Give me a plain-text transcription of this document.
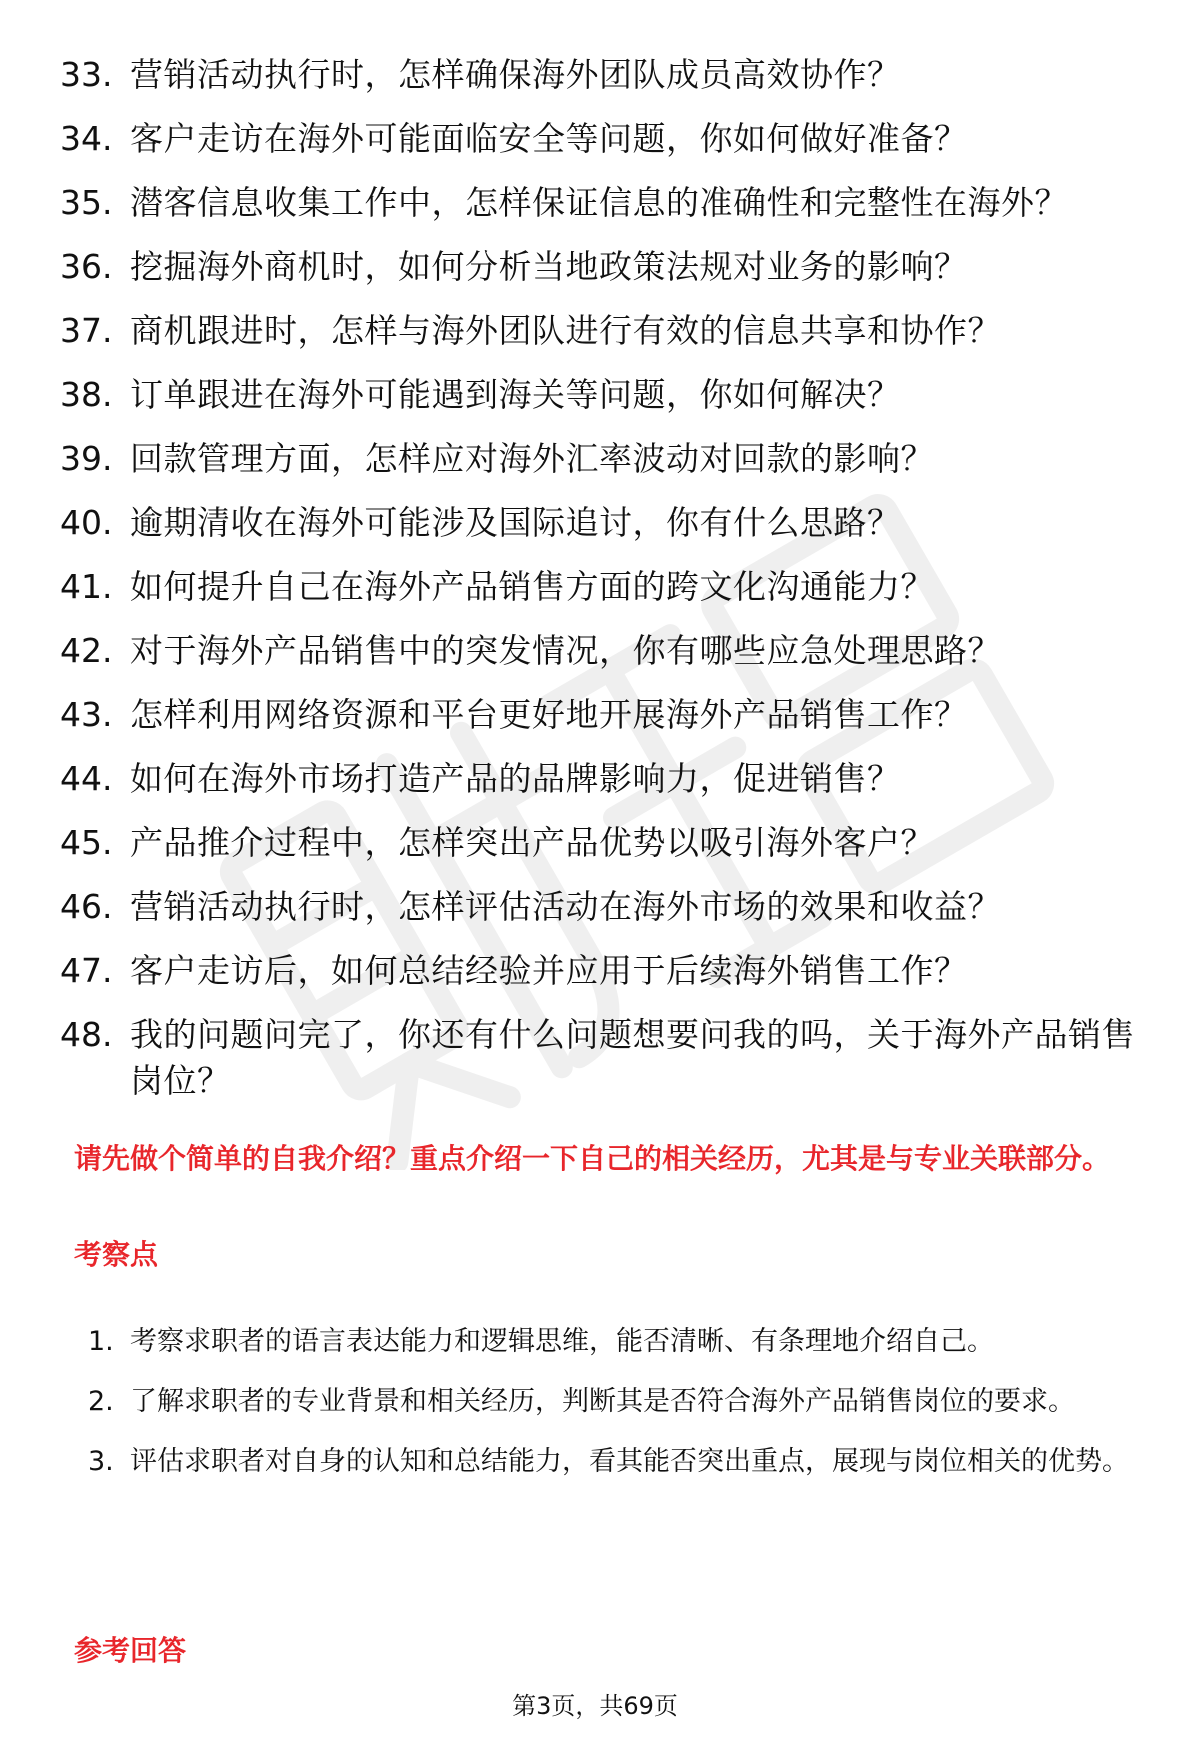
33. 营销活动执行时，怎样确保海外团队成员高效协作？
34. 客户走访在海外可能面临安全等问题，你如何做好准备？
35. 潜客信息收集工作中，怎样保证信息的准确性和完整性在海外？
36. 挖掘海外商机时，如何分析当地政策法规对业务的影响？
37. 商机跟进时，怎样与海外团队进行有效的信息共享和协作？
38. 订单跟进在海外可能遇到海关等问题，你如何解决？
39. 回款管理方面，怎样应对海外汇率波动对回款的影响？
40. 逾期清收在海外可能涉及国际追讨，你有什么思路？
41. 如何提升自己在海外产品销售方面的跨文化沟通能力？
42. 对于海外产品销售中的突发情况，你有哪些应急处理思路？
43. 怎样利用网络资源和平台更好地开展海外产品销售工作？
44. 如何在海外市场打造产品的品牌影响力，促进销售？
45. 产品推介过程中，怎样突出产品优势以吸引海外客户？
46. 营销活动执行时，怎样评估活动在海外市场的效果和收益？
47. 客户走访后，如何总结经验并应用于后续海外销售工作？
48. 我的问题问完了，你还有什么问题想要问我的吗，关于海外产品销售岗位？

请先做个简单的自我介绍？重点介绍一下自己的相关经历，尤其是与专业关联部分。

考察点
1. 考察求职者的语言表达能力和逻辑思维，能否清晰、有条理地介绍自己。
2. 了解求职者的专业背景和相关经历，判断其是否符合海外产品销售岗位的要求。
3. 评估求职者对自身的认知和总结能力，看其能否突出重点，展现与岗位相关的优势。
参考回答
第3页，共69页
